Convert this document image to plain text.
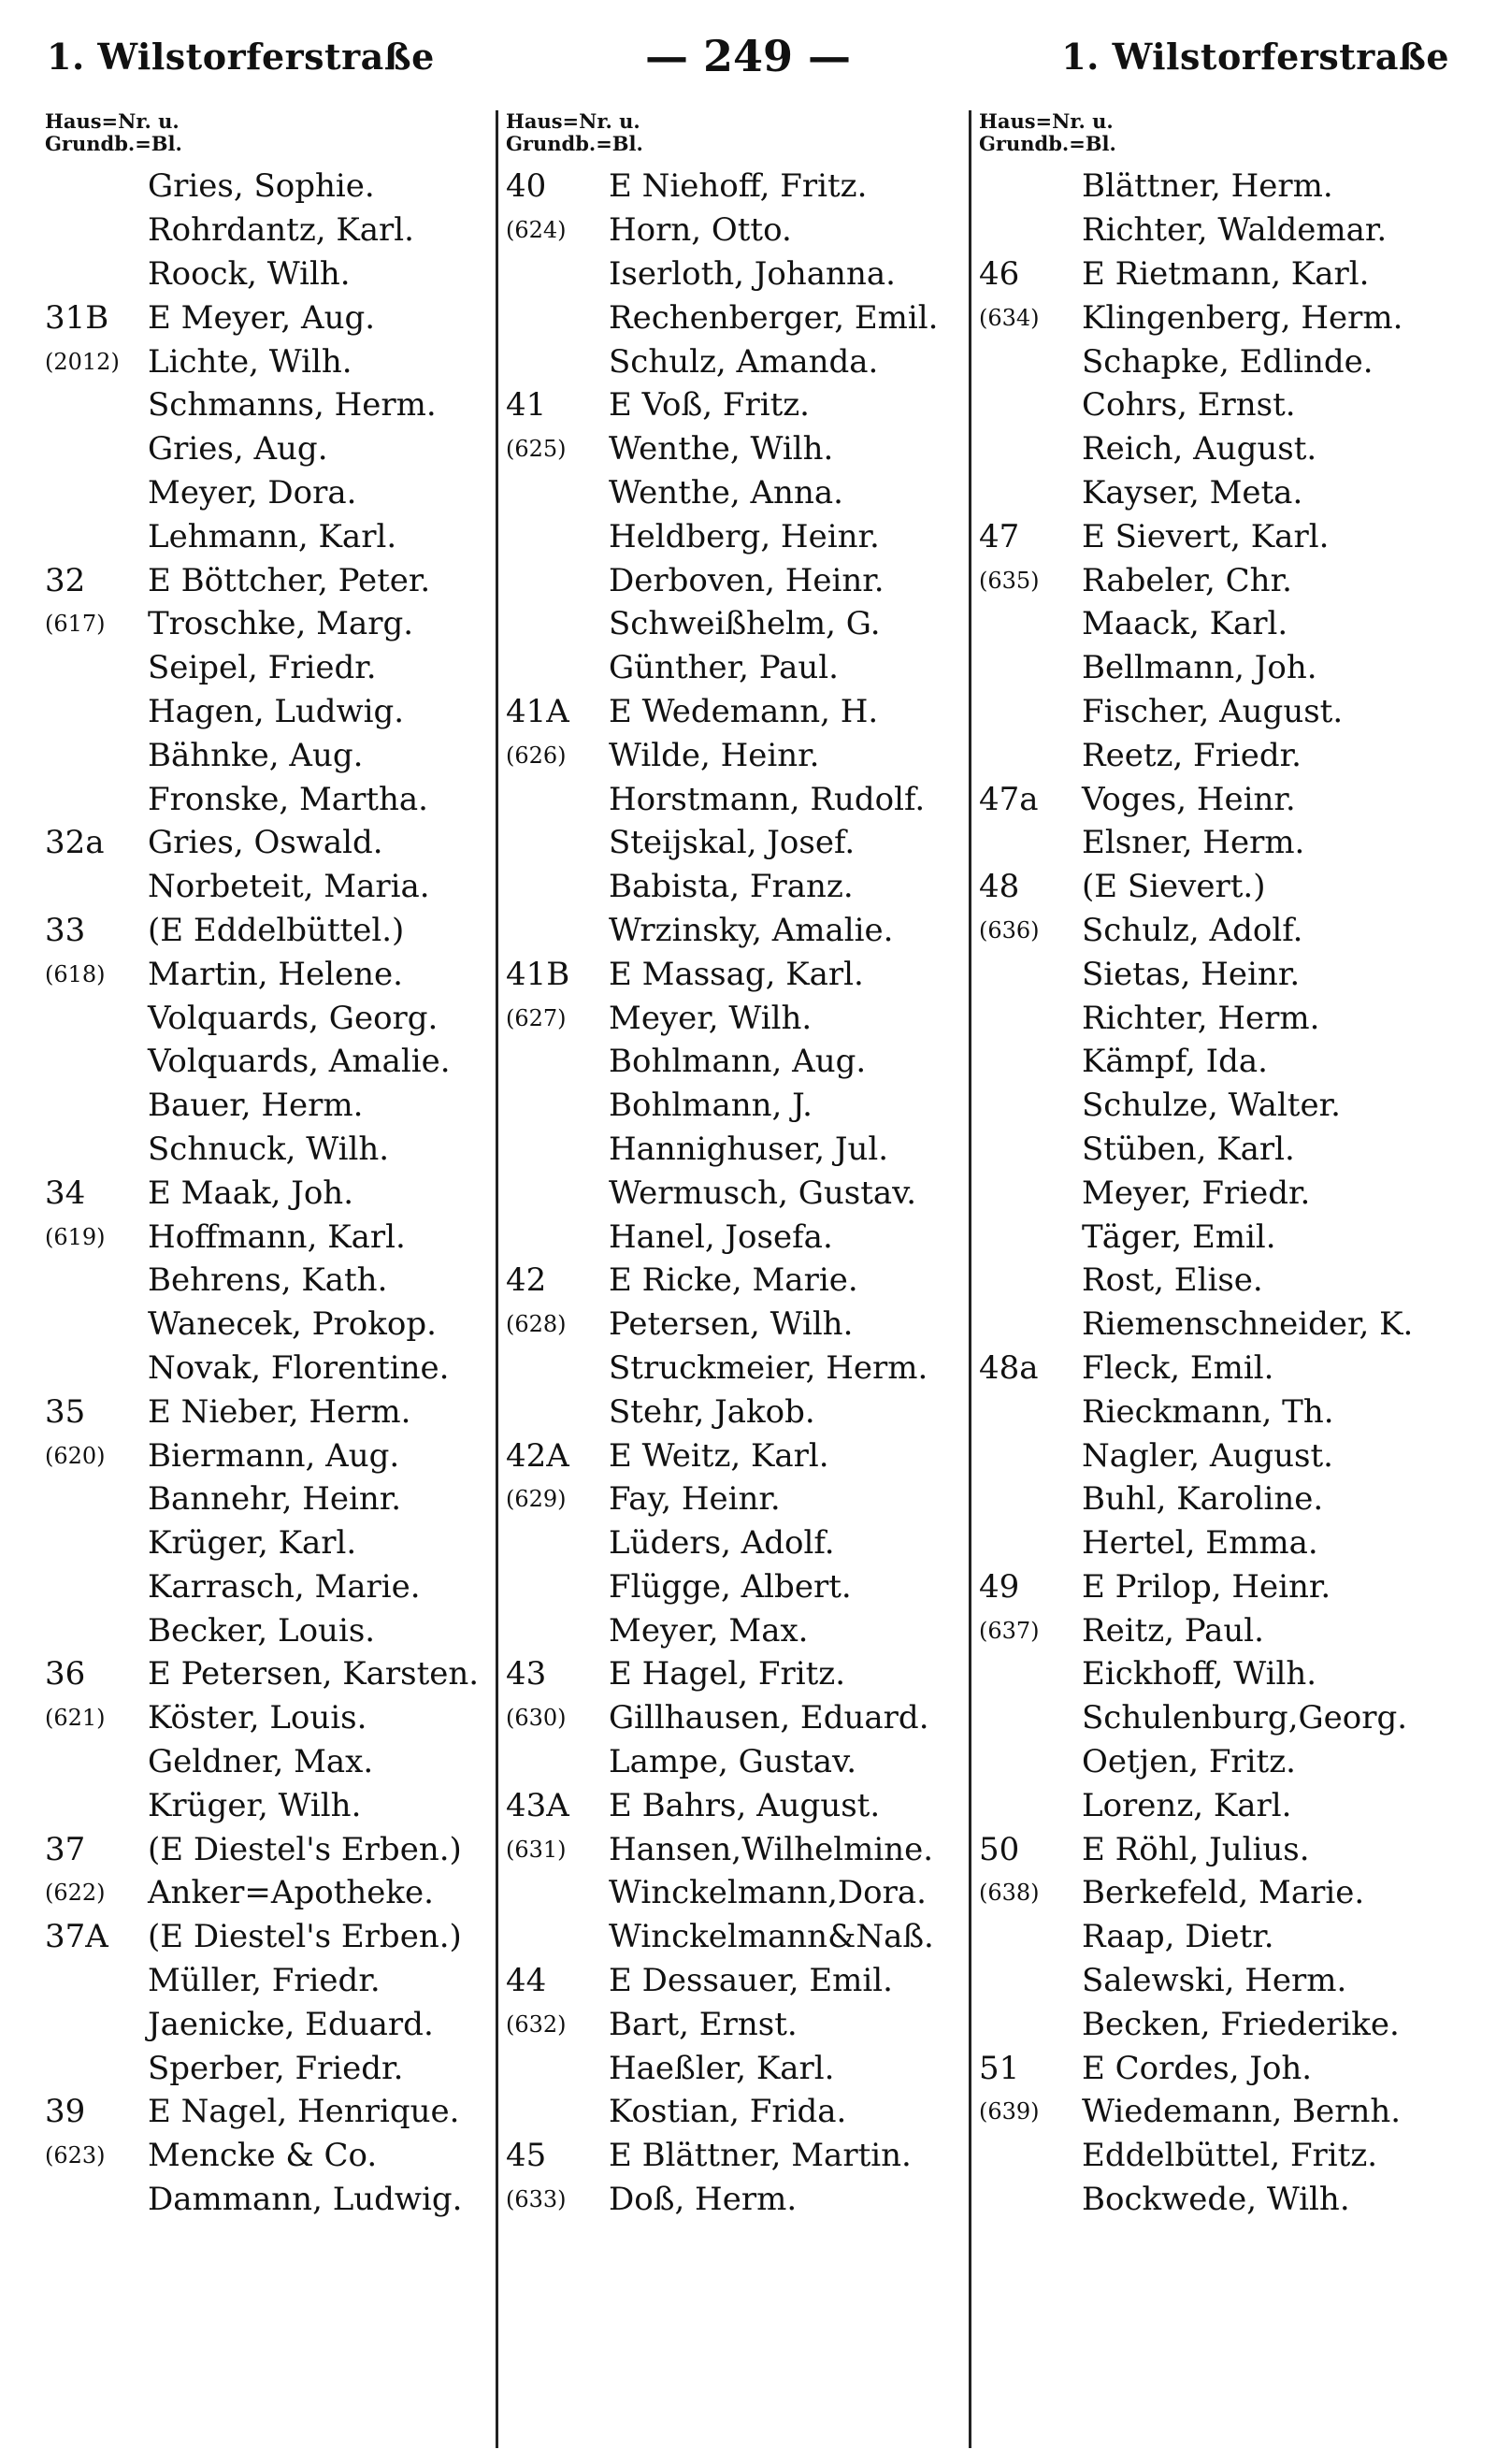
1. Wilstorferstraße	— 249 —	1. Wilstorferstraße
Haus=Nr. u.
Grundb.=Bl.
Gries, Sophie.
Rohrdantz, Karl.
Roock, Wilh.
31B	E Meyer, Aug.
(2012) Lichte, Wilh.
Schmanns, Herm.
Gries, Aug.
Meyer, Dora.
Lehmann, Karl.
32	E Böttcher, Peter.
(617)	Troschke, Marg.
Seipel, Friedr.
Hagen, Ludwig.
Bähnke, Aug.
Fronske, Martha.
32a	Gries, Oswald.
Norbeteit, Maria.
33	(E Eddelbüttel.)
(618)	Martin, Helene.
Volquards, Georg.
Volquards, Amalie.
Bauer, Herm.
Schnuck, Wilh.
34	E Maak, Joh.
(619)	Hoffmann, Karl.
Behrens, Kath.
Wanecek, Prokop.
Novak, Florentine.
35	E Nieber, Herm.
(620)	Biermann, Aug.
Bannehr, Heinr.
Krüger, Karl.
Karrasch, Marie.
Becker, Louis.
36	E Petersen, Karsten.
(621)	Köster, Louis.
Geldner, Max.
Krüger, Wilh.
37	(E Diestel's Erben.)
(622)	Anker=Apotheke.
37A	(E Diestel's Erben.)
Müller, Friedr.
Jaenicke, Eduard.
Sperber, Friedr.
39	E Nagel, Henrique.
(623)	Mencke & Co.
Dammann, Ludwig.
Haus=Nr. u.
Grundb.=Bl.
40	E Niehoff, Fritz.
(624)	Horn, Otto.
Iserloth, Johanna.
Rechenberger, Emil.
Schulz, Amanda.
41	E Voß, Fritz.
(625)	Wenthe, Wilh.
Wenthe, Anna.
Heldberg, Heinr.
Derboven, Heinr.
Schweißhelm, G.
Günther, Paul.
41A	E Wedemann, H.
(626)	Wilde, Heinr.
Horstmann, Rudolf.
Steijskal, Josef.
Babista, Franz.
Wrzinsky, Amalie.
41B	E Massag, Karl.
(627)	Meyer, Wilh.
Bohlmann, Aug.
Bohlmann, J.
Hannighuser, Jul.
Wermusch, Gustav.
Hanel, Josefa.
42	E Ricke, Marie.
(628)	Petersen, Wilh.
Struckmeier, Herm.
Stehr, Jakob.
42A	E Weitz, Karl.
(629)	Fay, Heinr.
Lüders, Adolf.
Flügge, Albert.
Meyer, Max.
43	E Hagel, Fritz.
(630)	Gillhausen, Eduard.
Lampe, Gustav.
43A	E Bahrs, August.
(631)	Hansen,Wilhelmine.
Winckelmann,Dora.
Winckelmann&Naß.
44	E Dessauer, Emil.
(632)	Bart, Ernst.
Haeßler, Karl.
Kostian, Frida.
45	E Blättner, Martin.
(633)	Doß, Herm.
Haus=Nr. u.
Grundb.=Bl.
Blättner, Herm.
Richter, Waldemar.
46	E Rietmann, Karl.
(634)	Klingenberg, Herm.
Schapke, Edlinde.
Cohrs, Ernst.
Reich, August.
Kayser, Meta.
47	E Sievert, Karl.
(635)	Rabeler, Chr.
Maack, Karl.
Bellmann, Joh.
Fischer, August.
Reetz, Friedr.
47a	Voges, Heinr.
Elsner, Herm.
48	(E Sievert.)
(636)	Schulz, Adolf.
Sietas, Heinr.
Richter, Herm.
Kämpf, Ida.
Schulze, Walter.
Stüben, Karl.
Meyer, Friedr.
Täger, Emil.
Rost, Elise.
Riemenschneider, K.
48a	Fleck, Emil.
Rieckmann, Th.
Nagler, August.
Buhl, Karoline.
Hertel, Emma.
49	E Prilop, Heinr.
(637)	Reitz, Paul.
Eickhoff, Wilh.
Schulenburg,Georg.
Oetjen, Fritz.
Lorenz, Karl.
50	E Röhl, Julius.
(638)	Berkefeld, Marie.
Raap, Dietr.
Salewski, Herm.
Becken, Friederike.
51	E Cordes, Joh.
(639)	Wiedemann, Bernh.
Eddelbüttel, Fritz.
Bockwede, Wilh.
